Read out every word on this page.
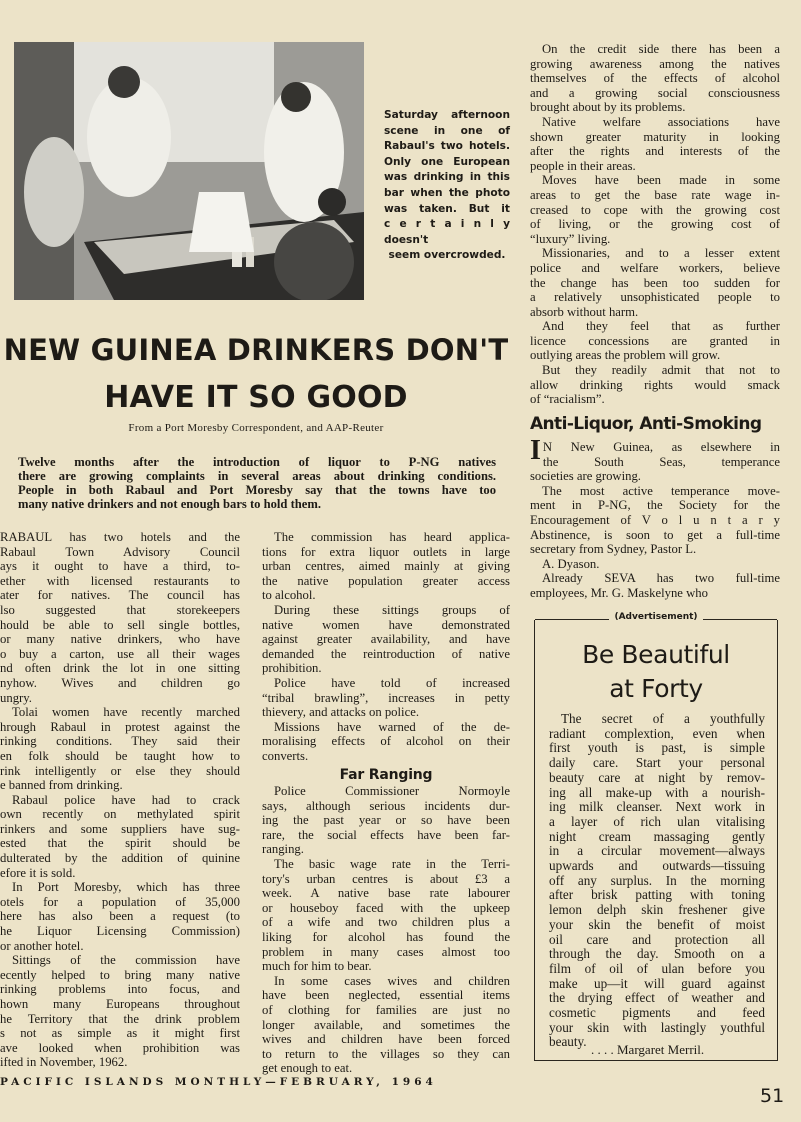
Saturday afternoon
scene in one of
Rabaul's two hotels.
Only one European
was drinking in this
bar when the photo
was taken. But it
c e r t a i n l y doesn't
seem overcrowded.
NEW GUINEA DRINKERS DON'T
HAVE IT SO GOOD
From a Port Moresby Correspondent, and AAP-Reuter
Twelve months after the introduction of liquor to P-NG natives
there are growing complaints in several areas about drinking conditions.
People in both Rabaul and Port Moresby say that the towns have too
many native drinkers and not enough bars to hold them.
RABAUL has two hotels and the
Rabaul Town Advisory Council
ays it ought to have a third, to-
ether with licensed restaurants to
ater for natives. The council has
lso suggested that storekeepers
hould be able to sell single bottles,
or many native drinkers, who have
o buy a carton, use all their wages
nd often drink the lot in one sitting
nyhow. Wives and children go
ungry.
Tolai women have recently marched
hrough Rabaul in protest against the
rinking conditions. They said their
en folk should be taught how to
rink intelligently or else they should
e banned from drinking.
Rabaul police have had to crack
own recently on methylated spirit
rinkers and some suppliers have sug-
ested that the spirit should be
dulterated by the addition of quinine
efore it is sold.
In Port Moresby, which has three
otels for a population of 35,000
here has also been a request (to
he Liquor Licensing Commission)
or another hotel.
Sittings of the commission have
ecently helped to bring many native
rinking problems into focus, and
hown many Europeans throughout
he Territory that the drink problem
s not as simple as it might first
ave looked when prohibition was
ifted in November, 1962.
The commission has heard applica-
tions for extra liquor outlets in large
urban centres, aimed mainly at giving
the native population greater access
to alcohol.
During these sittings groups of
native women have demonstrated
against greater availability, and have
demanded the reintroduction of native
prohibition.
Police have told of increased
“tribal brawling”, increases in petty
thievery, and attacks on police.
Missions have warned of the de-
moralising effects of alcohol on their
converts.
Far Ranging
Police Commissioner Normoyle
says, although serious incidents dur-
ing the past year or so have been
rare, the social effects have been far-
ranging.
The basic wage rate in the Terri-
tory's urban centres is about £3 a
week. A native base rate labourer
or houseboy faced with the upkeep
of a wife and two children plus a
liking for alcohol has found the
problem in many cases almost too
much for him to bear.
In some cases wives and children
have been neglected, essential items
of clothing for families are just no
longer available, and sometimes the
wives and children have been forced
to return to the villages so they can
get enough to eat.
On the credit side there has been a
growing awareness among the natives
themselves of the effects of alcohol
and a growing social consciousness
brought about by its problems.
Native welfare associations have
shown greater maturity in looking
after the rights and interests of the
people in their areas.
Moves have been made in some
areas to get the base rate wage in-
creased to cope with the growing cost
of living, or the growing cost of
“luxury” living.
Missionaries, and to a lesser extent
police and welfare workers, believe
the change has been too sudden for
a relatively unsophisticated people to
absorb without harm.
And they feel that as further
licence concessions are granted in
outlying areas the problem will grow.
But they readily admit that not to
allow drinking rights would smack
of “racialism”.
Anti-Liquor, Anti-Smoking
I N New Guinea, as elsewhere in
the South Seas, temperance
societies are growing.
The most active temperance move-
ment in P-NG, the Society for the
Encouragement of V o l u n t a r y
Abstinence, is soon to get a full-time
secretary from Sydney, Pastor L.
A. Dyason.
Already SEVA has two full-time
employees, Mr. G. Maskelyne who
(Advertisement)
Be Beautiful
at Forty
The secret of a youthfully
radiant complextion, even when
first youth is past, is simple
daily care. Start your personal
beauty care at night by remov-
ing all make-up with a nourish-
ing milk cleanser. Next work in
a layer of rich ulan vitalising
night cream massaging gently
in a circular movement—always
upwards and outwards—tissuing
off any surplus. In the morning
after brisk patting with toning
lemon delph skin freshener give
your skin the benefit of moist
oil care and protection all
through the day. Smooth on a
film of oil of ulan before you
make up—it will guard against
the drying effect of weather and
cosmetic pigments and feed
your skin with lastingly youthful
beauty.
. . . . Margaret Merril.
PACIFIC ISLANDS MONTHLY—FEBRUARY, 1964
51
